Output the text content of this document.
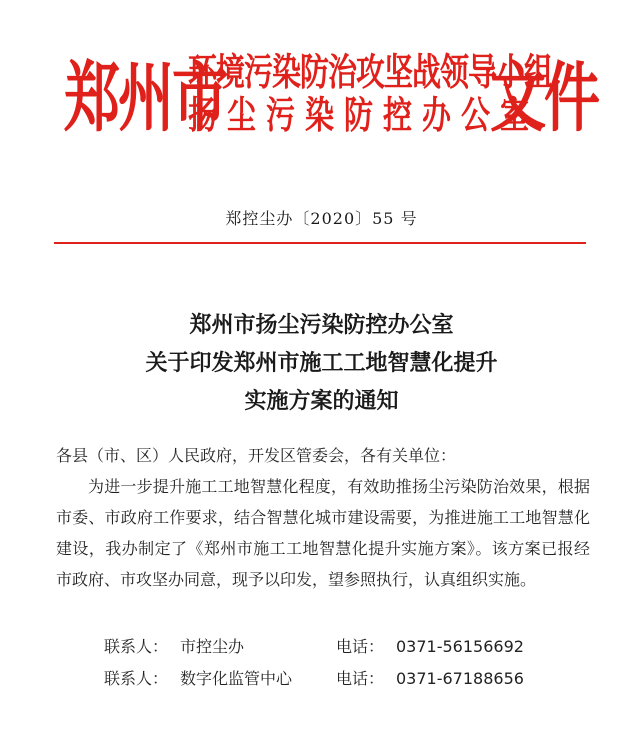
郑州市
环境污染防治攻坚战领导小组
扬尘污染防控办公室
文件
郑控尘办〔2020〕55 号
郑州市扬尘污染防控办公室
关于印发郑州市施工工地智慧化提升
实施方案的通知

各县（市、区）人民政府，开发区管委会，各有关单位：

为进一步提升施工工地智慧化程度，有效助推扬尘污染防治效果，根据市委、市政府工作要求，结合智慧化城市建设需要，为推进施工工地智慧化建设，我办制定了《郑州市施工工地智慧化提升实施方案》。该方案已报经市政府、市攻坚办同意，现予以印发，望参照执行，认真组织实施。

联系人： 市控尘办	电话： 0371-56156692
联系人： 数字化监管中心	电话： 0371-67188656
